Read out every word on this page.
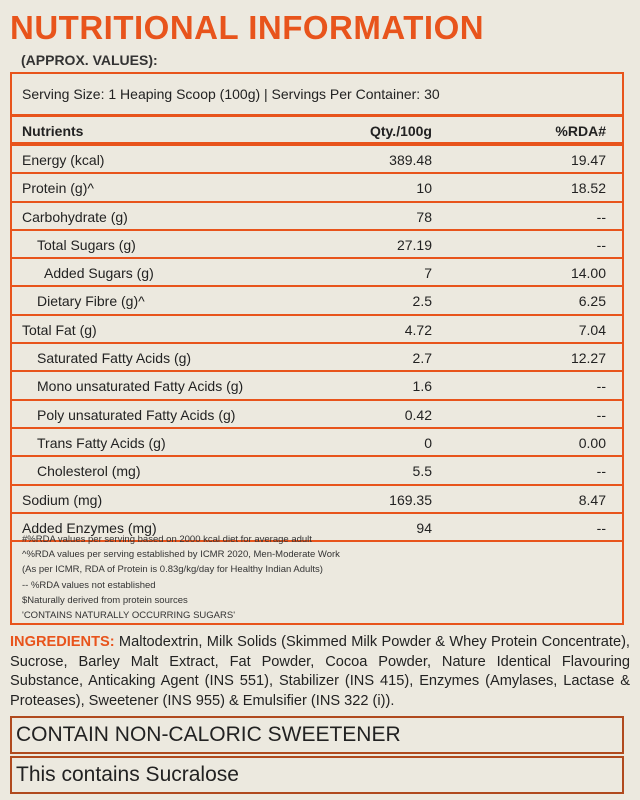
NUTRITIONAL INFORMATION
(APPROX. VALUES):
Serving Size: 1 Heaping Scoop (100g) | Servings Per Container: 30
Nutrients	Qty./100g	%RDA#
Energy (kcal)	389.48	19.47
Protein (g)^	10	18.52
Carbohydrate (g)	78	--
Total Sugars (g)	27.19	--
Added Sugars (g)	7	14.00
Dietary Fibre (g)^	2.5	6.25
Total Fat (g)	4.72	7.04
Saturated Fatty Acids (g)	2.7	12.27
Mono unsaturated Fatty Acids (g)	1.6	--
Poly unsaturated Fatty Acids (g)	0.42	--
Trans Fatty Acids (g)	0	0.00
Cholesterol (mg)	5.5	--
Sodium (mg)	169.35	8.47
Added Enzymes (mg)	94	--
#%RDA values per serving based on 2000 kcal diet for average adult
^%RDA values per serving established by ICMR 2020, Men-Moderate Work
(As per ICMR, RDA of Protein is 0.83g/kg/day for Healthy Indian Adults)
-- %RDA values not established
$Naturally derived from protein sources
'CONTAINS NATURALLY OCCURRING SUGARS'
INGREDIENTS: Maltodextrin, Milk Solids (Skimmed Milk Powder & Whey Protein Concentrate), Sucrose, Barley Malt Extract, Fat Powder, Cocoa Powder, Nature Identical Flavouring Substance, Anticaking Agent (INS 551), Stabilizer (INS 415), Enzymes (Amylases, Lactase & Proteases), Sweetener (INS 955) & Emulsifier (INS 322 (i)).
CONTAIN NON-CALORIC SWEETENER
This contains Sucralose
